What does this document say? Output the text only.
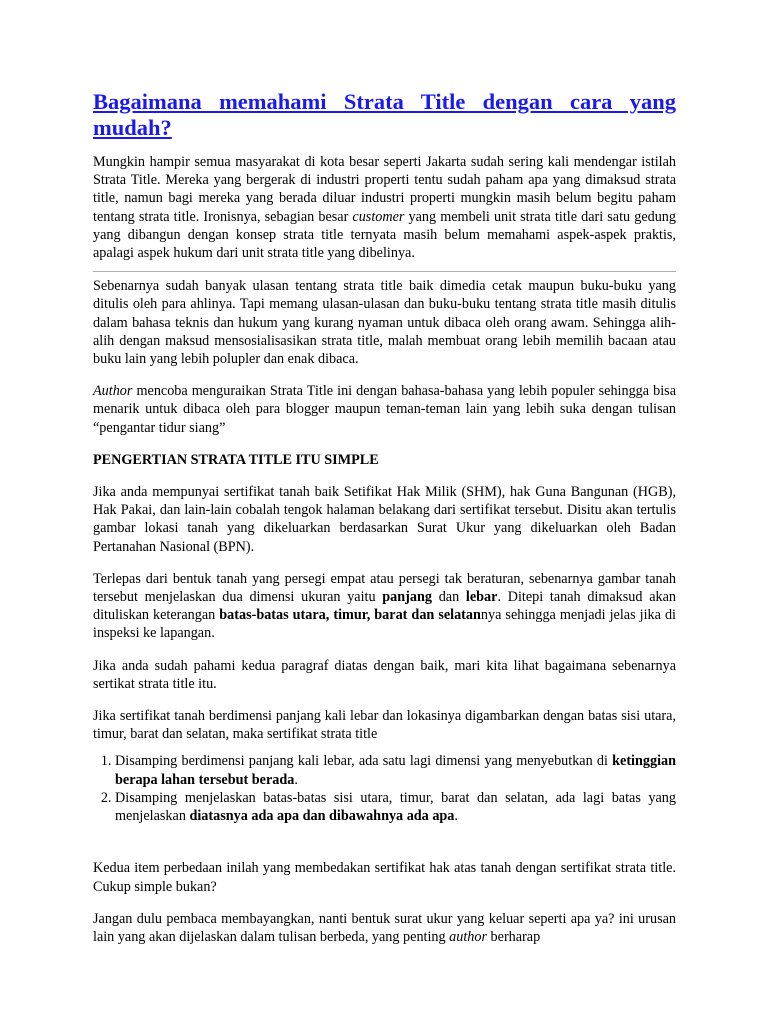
Bagaimana memahami Strata Title dengan cara yang mudah?

Mungkin hampir semua masyarakat di kota besar seperti Jakarta sudah sering kali mendengar istilah Strata Title. Mereka yang bergerak di industri properti tentu sudah paham apa yang dimaksud strata title, namun bagi mereka yang berada diluar industri properti mungkin masih belum begitu paham tentang strata title. Ironisnya, sebagian besar customer yang membeli unit strata title dari satu gedung yang dibangun dengan konsep strata title ternyata masih belum memahami aspek-aspek praktis, apalagi aspek hukum dari unit strata title yang dibelinya.

Sebenarnya sudah banyak ulasan tentang strata title baik dimedia cetak maupun buku-buku yang ditulis oleh para ahlinya. Tapi memang ulasan-ulasan dan buku-buku tentang strata title masih ditulis dalam bahasa teknis dan hukum yang kurang nyaman untuk dibaca oleh orang awam. Sehingga alih-alih dengan maksud mensosialisasikan strata title, malah membuat orang lebih memilih bacaan atau buku lain yang lebih polupler dan enak dibaca.

Author mencoba menguraikan Strata Title ini dengan bahasa-bahasa yang lebih populer sehingga bisa menarik untuk dibaca oleh para blogger maupun teman-teman lain yang lebih suka dengan tulisan “pengantar tidur siang”

PENGERTIAN STRATA TITLE ITU SIMPLE

Jika anda mempunyai sertifikat tanah baik Setifikat Hak Milik (SHM), hak Guna Bangunan (HGB), Hak Pakai, dan lain-lain cobalah tengok halaman belakang dari sertifikat tersebut. Disitu akan tertulis gambar lokasi tanah yang dikeluarkan berdasarkan Surat Ukur yang dikeluarkan oleh Badan Pertanahan Nasional (BPN).

Terlepas dari bentuk tanah yang persegi empat atau persegi tak beraturan, sebenarnya gambar tanah tersebut menjelaskan dua dimensi ukuran yaitu panjang dan lebar. Ditepi tanah dimaksud akan dituliskan keterangan batas-batas utara, timur, barat dan selatannya sehingga menjadi jelas jika di inspeksi ke lapangan.

Jika anda sudah pahami kedua paragraf diatas dengan baik, mari kita lihat bagaimana sebenarnya sertikat strata title itu.

Jika sertifikat tanah berdimensi panjang kali lebar dan lokasinya digambarkan dengan batas sisi utara, timur, barat dan selatan, maka sertifikat strata title

1. Disamping berdimensi panjang kali lebar, ada satu lagi dimensi yang menyebutkan di ketinggian berapa lahan tersebut berada.
2. Disamping menjelaskan batas-batas sisi utara, timur, barat dan selatan, ada lagi batas yang menjelaskan diatasnya ada apa dan dibawahnya ada apa.

Kedua item perbedaan inilah yang membedakan sertifikat hak atas tanah dengan sertifikat strata title. Cukup simple bukan?

Jangan dulu pembaca membayangkan, nanti bentuk surat ukur yang keluar seperti apa ya? ini urusan lain yang akan dijelaskan dalam tulisan berbeda, yang penting author berharap
